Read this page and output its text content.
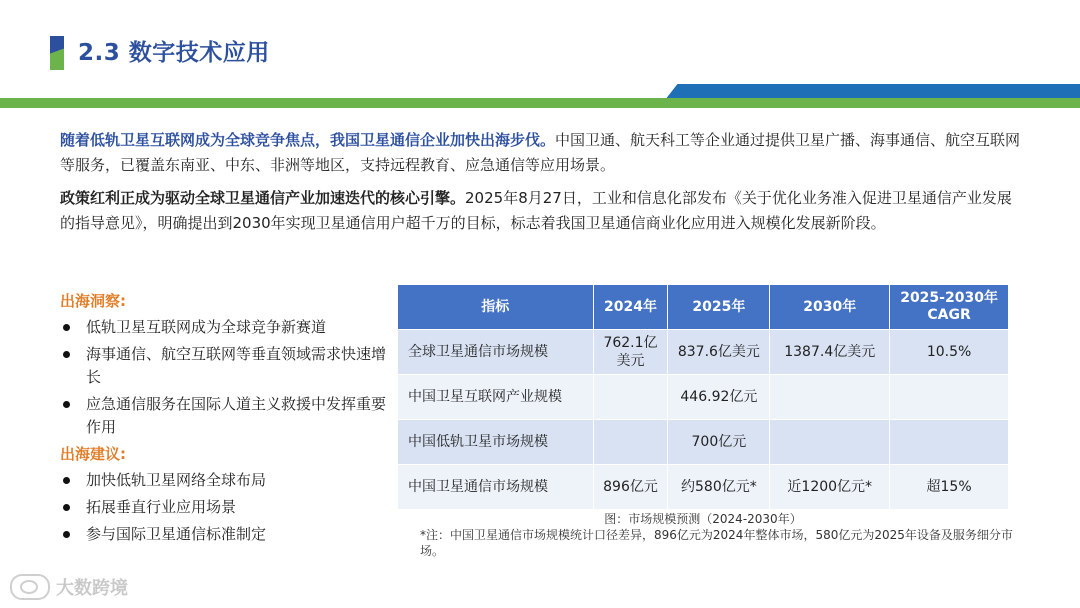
2.3 数字技术应用
随着低轨卫星互联网成为全球竞争焦点，我国卫星通信企业加快出海步伐。中国卫通、航天科工等企业通过提供卫星广播、海事通信、航空互联网等服务，已覆盖东南亚、中东、非洲等地区，支持远程教育、应急通信等应用场景。
政策红利正成为驱动全球卫星通信产业加速迭代的核心引擎。2025年8月27日，工业和信息化部发布《关于优化业务准入促进卫星通信产业发展的指导意见》，明确提出到2030年实现卫星通信用户超千万的目标，标志着我国卫星通信商业化应用进入规模化发展新阶段。
出海洞察:
低轨卫星互联网成为全球竞争新赛道
海事通信、航空互联网等垂直领域需求快速增长
应急通信服务在国际人道主义救援中发挥重要作用
出海建议:
加快低轨卫星网络全球布局
拓展垂直行业应用场景
参与国际卫星通信标准制定
指标	2024年	2025年	2030年	2025-2030年 CAGR
全球卫星通信市场规模	762.1亿美元	837.6亿美元	1387.4亿美元	10.5%
中国卫星互联网产业规模		446.92亿元		
中国低轨卫星市场规模		700亿元		
中国卫星通信市场规模	896亿元	约580亿元*	近1200亿元*	超15%
图：市场规模预测（2024-2030年）
*注：中国卫星通信市场规模统计口径差异，896亿元为2024年整体市场，580亿元为2025年设备及服务细分市场。
大数跨境
